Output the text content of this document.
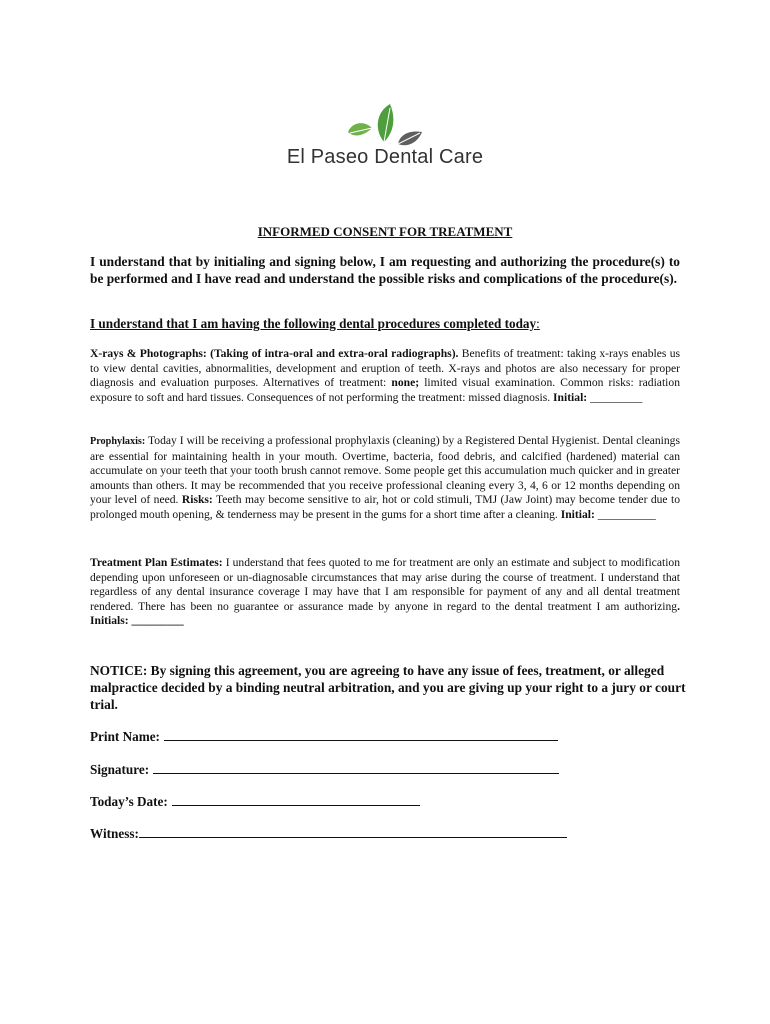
El Paseo Dental Care
INFORMED CONSENT FOR TREATMENT
I understand that by initialing and signing below, I am requesting and authorizing the procedure(s) to be performed and I have read and understand the possible risks and complications of the procedure(s).
I understand that I am having the following dental procedures completed today:
X-rays & Photographs: (Taking of intra-oral and extra-oral radiographs). Benefits of treatment: taking x-rays enables us to view dental cavities, abnormalities, development and eruption of teeth. X-rays and photos are also necessary for proper diagnosis and evaluation purposes. Alternatives of treatment: none; limited visual examination. Common risks: radiation exposure to soft and hard tissues. Consequences of not performing the treatment: missed diagnosis. Initial: _________
Prophylaxis: Today I will be receiving a professional prophylaxis (cleaning) by a Registered Dental Hygienist. Dental cleanings are essential for maintaining health in your mouth. Overtime, bacteria, food debris, and calcified (hardened) material can accumulate on your teeth that your tooth brush cannot remove. Some people get this accumulation much quicker and in greater amounts than others. It may be recommended that you receive professional cleaning every 3, 4, 6 or 12 months depending on your level of need. Risks: Teeth may become sensitive to air, hot or cold stimuli, TMJ (Jaw Joint) may become tender due to prolonged mouth opening, & tenderness may be present in the gums for a short time after a cleaning. Initial: __________
Treatment Plan Estimates: I understand that fees quoted to me for treatment are only an estimate and subject to modification depending upon unforeseen or un-diagnosable circumstances that may arise during the course of treatment. I understand that regardless of any dental insurance coverage I may have that I am responsible for payment of any and all dental treatment rendered. There has been no guarantee or assurance made by anyone in regard to the dental treatment I am authorizing. Initials: _________
NOTICE: By signing this agreement, you are agreeing to have any issue of fees, treatment, or alleged malpractice decided by a binding neutral arbitration, and you are giving up your right to a jury or court trial.
Print Name:
Signature:
Today’s Date:
Witness:
